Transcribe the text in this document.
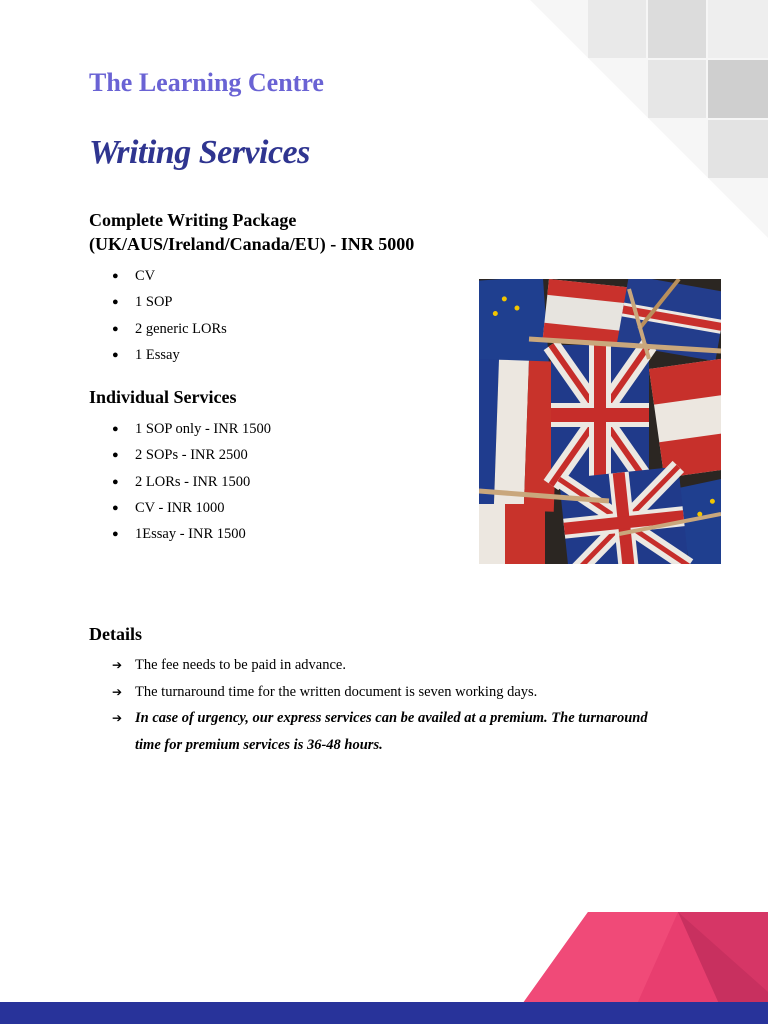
The Learning Centre
Writing Services
Complete Writing Package
(UK/AUS/Ireland/Canada/EU) - INR 5000
● CV
● 1 SOP
● 2 generic LORs
● 1 Essay
Individual Services
● 1 SOP only - INR 1500
● 2 SOPs - INR 2500
● 2 LORs - INR 1500
● CV - INR 1000
● 1Essay - INR 1500
Details
➔ The fee needs to be paid in advance.
➔ The turnaround time for the written document is seven working days.
➔ In case of urgency, our express services can be availed at a premium. The turnaround time for premium services is 36-48 hours.
